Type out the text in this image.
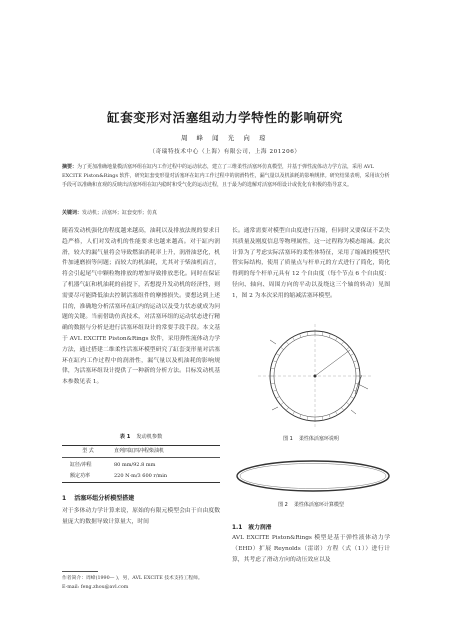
缸套变形对活塞组动力学特性的影响研究
周 峰 闻 光 向 琼
（奇瑞特技术中心（上海）有限公司，上海 201206）
摘要：为了更加准确地量模活塞环组在缸内工作过程中的运动状态，建立了三维柔性活塞环仿真模型，并基于弹性流体动力学方法，采用 AVL EXCITE Piston&Rings 软件，研究缸套变形量对活塞环在缸内工作过程中的润滑特性，漏气量以及机油耗的影响规律。研究结果表明，采用该分析手段可以准确和直观的反映出活塞环组在缸内稳时和受气化的运动过程，且于最为的选解对活塞环组设计或优化有积极的指导意义。
关键词：发动机；活塞环；缸套变形；仿真
随着发动机强化的程度越来越高，油耗以及排放法规的要求日趋严格，人们对发动机的性能要求也越来越高。对于缸内润滑，较大的漏气量将会导致燃油消耗率上升，润滑油恶化，机件加速磨损等问题；而较大的机油耗，尤其对于柴油机而言，将会引起尾气中颗粒物排放的增加导致排放恶化。同时在保证了机器气缸和机油耗的前提下，若想提升发动机的经济性，则需要尽可能降低油去控制活塞组件的摩擦损失。要想达到上述目的，准确地分析活塞环在缸内的运动以及受力状态就成为问题的关键。当前借助仿真技术，对活塞环组的运动状态进行精确的数据与分析是进行活塞环组设计的常要手段手段。本文基于 AVL EXCITE Piston&Rings 软件，采用弹性流体动力学方法，通过搭建二维柔性活塞环模型研究了缸套变形量对活塞环在缸内工作过程中的润滑性，漏气量以及机油耗的影响规律，为活塞环组设计提供了一种新的分析方法。目标发动机基本参数见表 1。
表 1 发动机参数
型 式	直列四缸四冲程柴油机
缸径/冲程	80 mm/92.8 mm
额定功率	220 N·m/3 600 r/min
1 活塞环组分析模型搭建
对于多体动力学计算来说，原始的有限元模型会由于自由度数量庞大的数据导致计算量大，时间
长。通常需要对模型自由度进行压缩，但同时又要保证不丢失其质量及刚度信息等物理属性，这一过程称为模态缩减。此次计算为了考虑实际活塞环的柔性体特征，采用了缩减的模型代替实际结构，使用了质量点与杆单元的方式进行了简化，简化得到的每个杆单元具有 12 个自由度（每个节点 6 个自由度：径向、轴向、周围方向的平动以及绕这三个轴的转动）见图 1，图 2 为本次采用的缩减活塞环模型。
图 1 柔性体活塞环说明
图 2 柔性体活塞环计算模型
1.1 液力润滑
AVL EXCITE Piston&Rings 模型是基于弹性液体动力学（EHD）扩展 Reynolds（雷诺）方程（式（1））进行计算，其考虑了滑动方向的动压效应以及
作者简介：周峰(1990— )，男，AVL EXCITE 技术支持工程师。
E-mail: feng.zhou@avl.com
